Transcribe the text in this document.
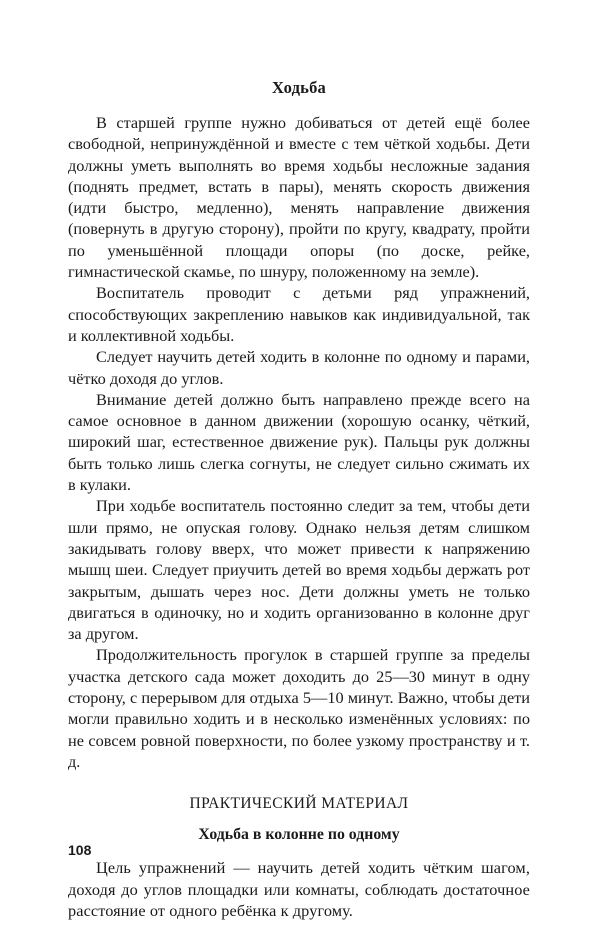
Ходьба

В старшей группе нужно добиваться от детей ещё более свободной, непринуждённой и вместе с тем чёткой ходьбы. Дети должны уметь выполнять во время ходьбы несложные задания (поднять предмет, встать в пары), менять скорость движения (идти быстро, медленно), менять направление движения (повернуть в другую сторону), пройти по кругу, квадрату, пройти по уменьшённой площади опоры (по доске, рейке, гимнастической скамье, по шнуру, положенному на земле).

Воспитатель проводит с детьми ряд упражнений, способствующих закреплению навыков как индивидуальной, так и коллективной ходьбы.

Следует научить детей ходить в колонне по одному и парами, чётко доходя до углов.

Внимание детей должно быть направлено прежде всего на самое основное в данном движении (хорошую осанку, чёткий, широкий шаг, естественное движение рук). Пальцы рук должны быть только лишь слегка согнуты, не следует сильно сжимать их в кулаки.

При ходьбе воспитатель постоянно следит за тем, чтобы дети шли прямо, не опуская голову. Однако нельзя детям слишком закидывать голову вверх, что может привести к напряжению мышц шеи. Следует приучить детей во время ходьбы держать рот закрытым, дышать через нос. Дети должны уметь не только двигаться в одиночку, но и ходить организованно в колонне друг за другом.

Продолжительность прогулок в старшей группе за пределы участка детского сада может доходить до 25—30 минут в одну сторону, с перерывом для отдыха 5—10 минут. Важно, чтобы дети могли правильно ходить и в несколько изменённых условиях: по не совсем ровной поверхности, по более узкому пространству и т. д.

ПРАКТИЧЕСКИЙ МАТЕРИАЛ
Ходьба в колонне по одному

Цель упражнений — научить детей ходить чётким шагом, доходя до углов площадки или комнаты, соблюдать достаточное расстояние от одного ребёнка к другому.

108
